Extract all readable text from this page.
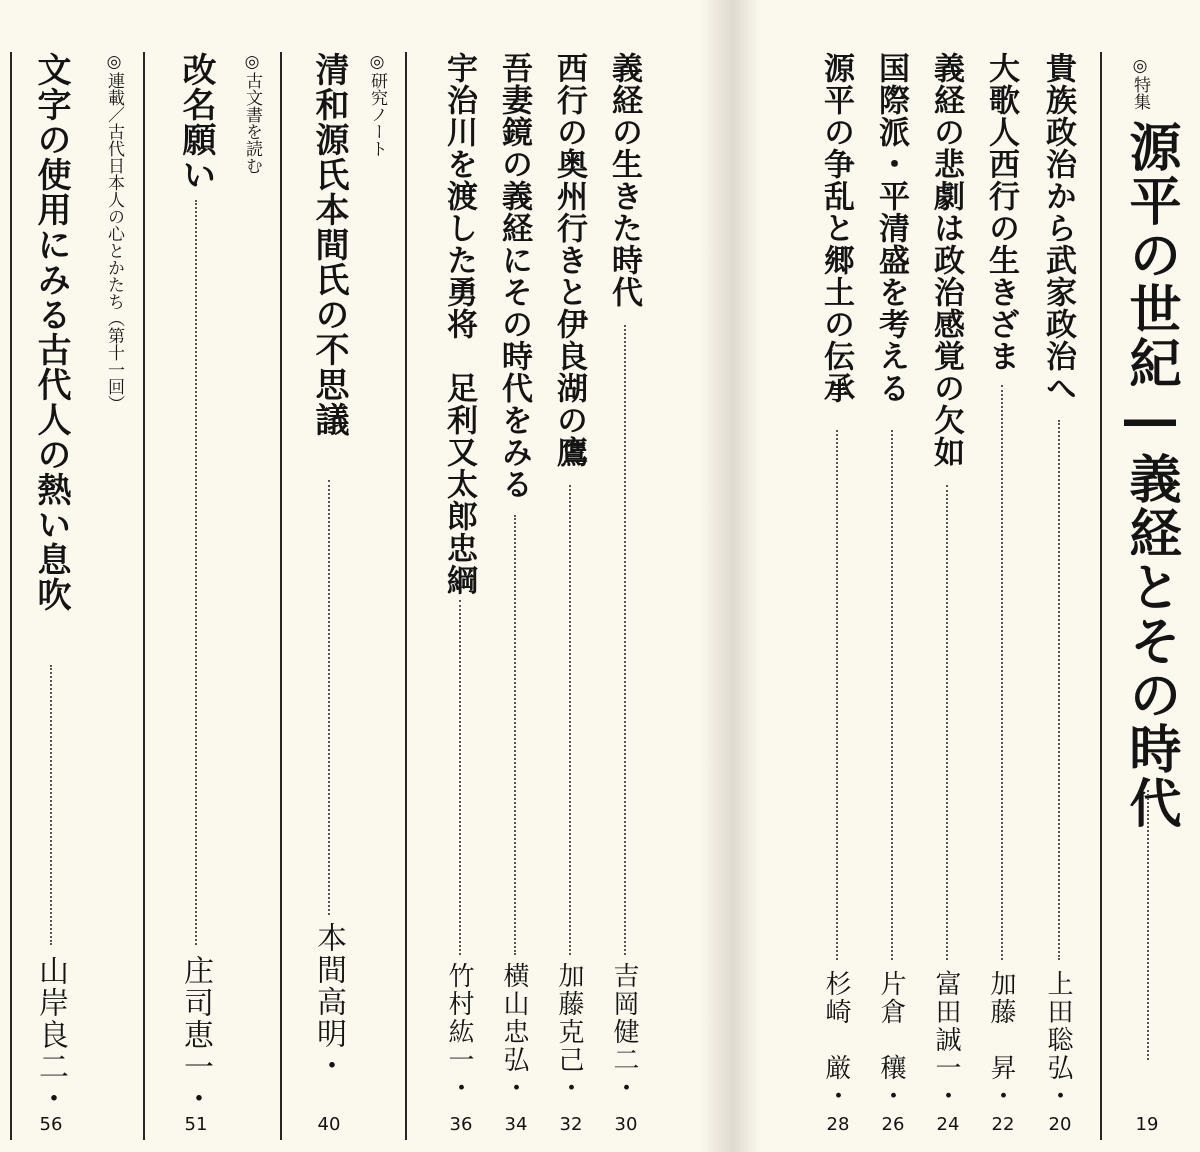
◎特集
源平の世紀―義経とその時代
19
貴族政治から武家政治へ
上田聡弘・
20
大歌人西行の生きざま
加藤　昇・
22
義経の悲劇は政治感覚の欠如
富田誠一・
24
国際派・平清盛を考える
片倉　穰・
26
源平の争乱と郷土の伝承
杉崎　厳・
28
義経の生きた時代
吉岡健二・
30
西行の奥州行きと伊良湖の鷹
加藤克己・
32
吾妻鏡の義経にその時代をみる
横山忠弘・
34
宇治川を渡した勇将　足利又太郎忠綱
竹村紘一・
36
◎研究ノート
清和源氏本間氏の不思議
本間高明・
40
◎古文書を読む
改名願い
庄司恵一・
51
◎連載／古代日本人の心とかたち（第十一回）
文字の使用にみる古代人の熱い息吹
山岸良二・
56
